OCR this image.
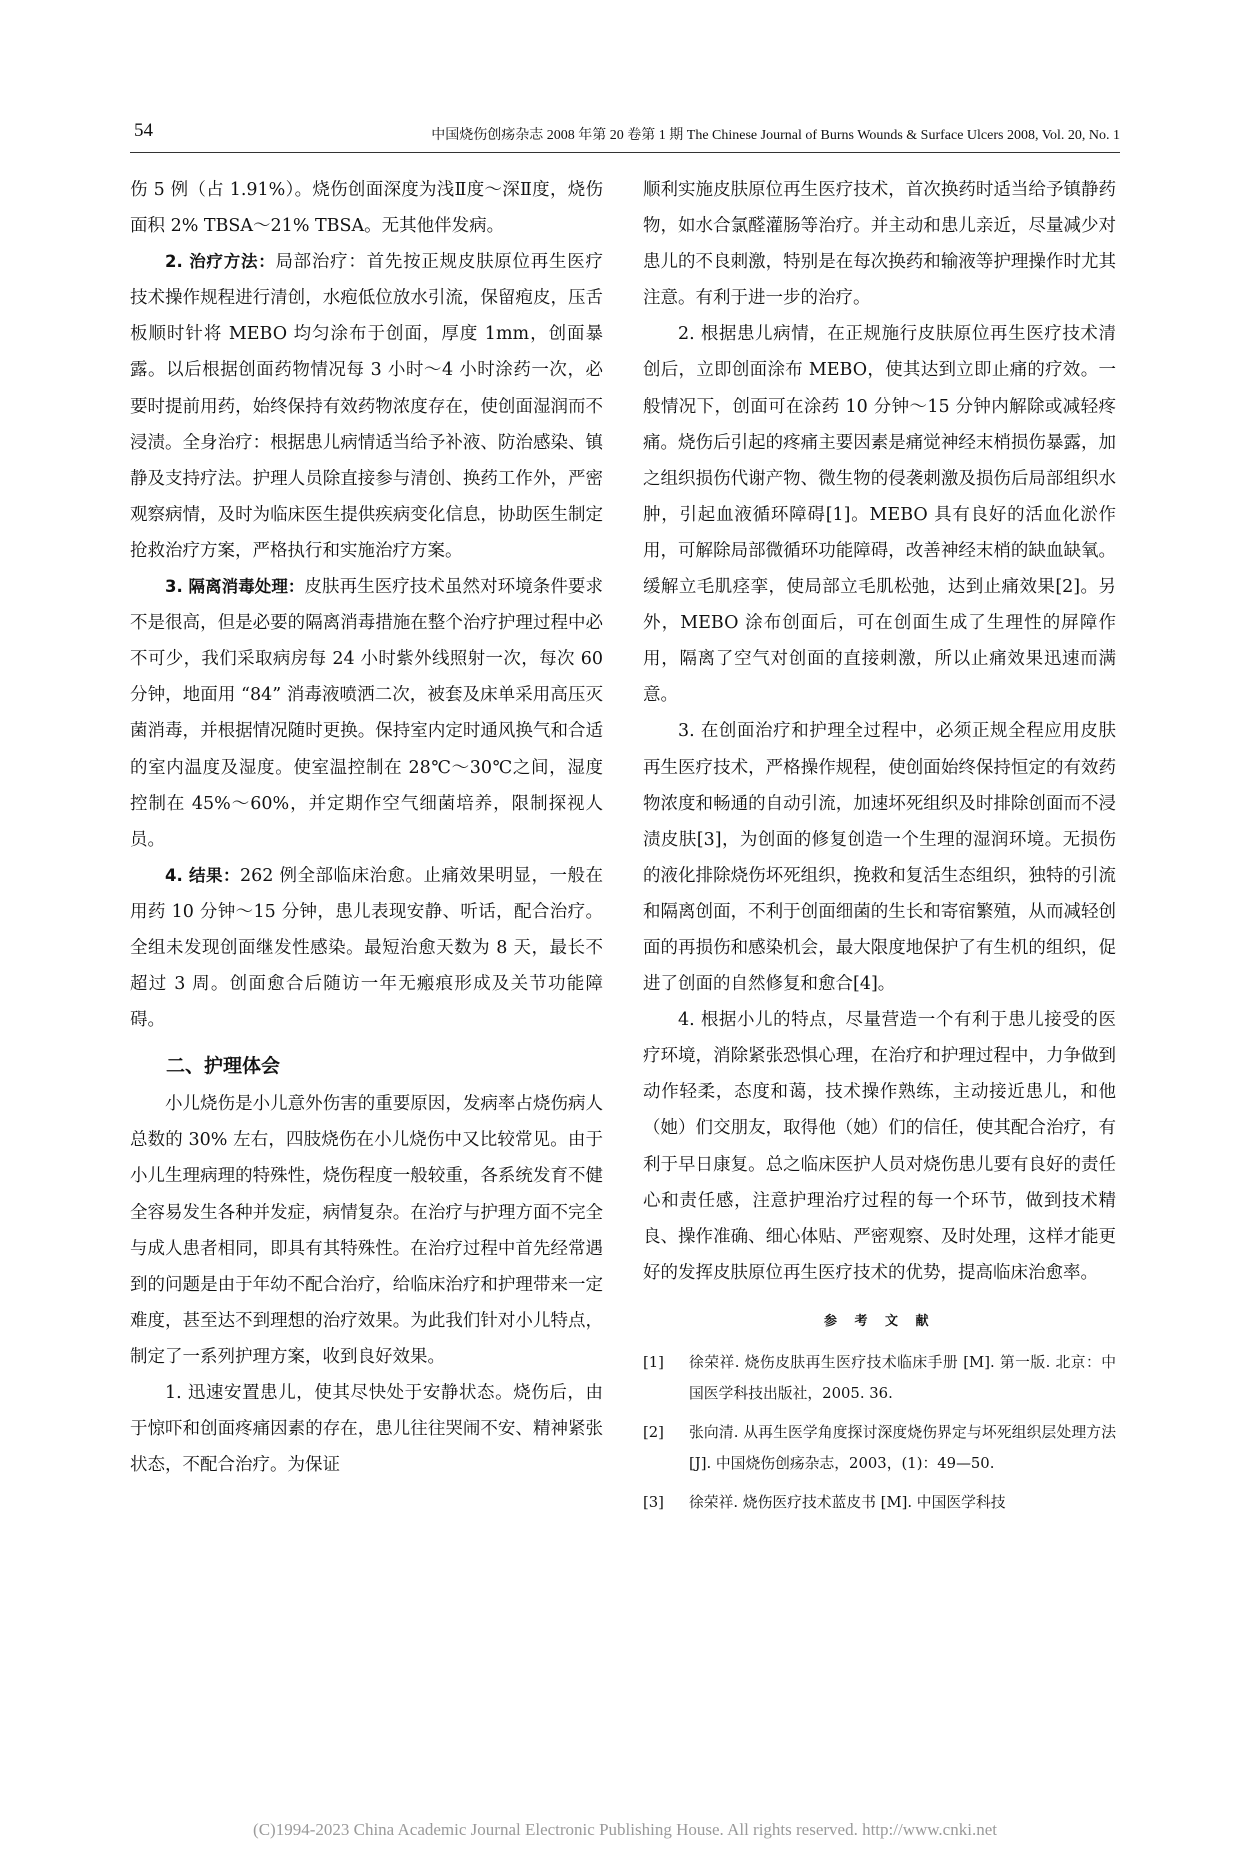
54	中国烧伤创疡杂志 2008 年第 20 卷第 1 期 The Chinese Journal of Burns Wounds & Surface Ulcers 2008, Vol. 20, No. 1

伤 5 例（占 1.91%）。烧伤创面深度为浅Ⅱ度～深Ⅱ度，烧伤面积 2% TBSA～21% TBSA。无其他伴发病。

2. 治疗方法：局部治疗：首先按正规皮肤原位再生医疗技术操作规程进行清创，水疱低位放水引流，保留疱皮，压舌板顺时针将 MEBO 均匀涂布于创面，厚度 1mm，创面暴露。以后根据创面药物情况每 3 小时～4 小时涂药一次，必要时提前用药，始终保持有效药物浓度存在，使创面湿润而不浸渍。全身治疗：根据患儿病情适当给予补液、防治感染、镇静及支持疗法。护理人员除直接参与清创、换药工作外，严密观察病情，及时为临床医生提供疾病变化信息，协助医生制定抢救治疗方案，严格执行和实施治疗方案。

3. 隔离消毒处理：皮肤再生医疗技术虽然对环境条件要求不是很高，但是必要的隔离消毒措施在整个治疗护理过程中必不可少，我们采取病房每 24 小时紫外线照射一次，每次 60 分钟，地面用 “84” 消毒液喷洒二次，被套及床单采用高压灭菌消毒，并根据情况随时更换。保持室内定时通风换气和合适的室内温度及湿度。使室温控制在 28℃～30℃之间，湿度控制在 45%～60%，并定期作空气细菌培养，限制探视人员。

4. 结果：262 例全部临床治愈。止痛效果明显，一般在用药 10 分钟～15 分钟，患儿表现安静、听话，配合治疗。全组未发现创面继发性感染。最短治愈天数为 8 天，最长不超过 3 周。创面愈合后随访一年无瘢痕形成及关节功能障碍。

二、护理体会

小儿烧伤是小儿意外伤害的重要原因，发病率占烧伤病人总数的 30% 左右，四肢烧伤在小儿烧伤中又比较常见。由于小儿生理病理的特殊性，烧伤程度一般较重，各系统发育不健全容易发生各种并发症，病情复杂。在治疗与护理方面不完全与成人患者相同，即具有其特殊性。在治疗过程中首先经常遇到的问题是由于年幼不配合治疗，给临床治疗和护理带来一定难度，甚至达不到理想的治疗效果。为此我们针对小儿特点，制定了一系列护理方案，收到良好效果。

1. 迅速安置患儿，使其尽快处于安静状态。烧伤后，由于惊吓和创面疼痛因素的存在，患儿往往哭闹不安、精神紧张状态，不配合治疗。为保证

顺利实施皮肤原位再生医疗技术，首次换药时适当给予镇静药物，如水合氯醛灌肠等治疗。并主动和患儿亲近，尽量减少对患儿的不良刺激，特别是在每次换药和输液等护理操作时尤其注意。有利于进一步的治疗。

2. 根据患儿病情，在正规施行皮肤原位再生医疗技术清创后，立即创面涂布 MEBO，使其达到立即止痛的疗效。一般情况下，创面可在涂药 10 分钟～15 分钟内解除或减轻疼痛。烧伤后引起的疼痛主要因素是痛觉神经末梢损伤暴露，加之组织损伤代谢产物、微生物的侵袭刺激及损伤后局部组织水肿，引起血液循环障碍[1]。MEBO 具有良好的活血化淤作用，可解除局部微循环功能障碍，改善神经末梢的缺血缺氧。缓解立毛肌痉挛，使局部立毛肌松弛，达到止痛效果[2]。另外，MEBO 涂布创面后，可在创面生成了生理性的屏障作用，隔离了空气对创面的直接刺激，所以止痛效果迅速而满意。

3. 在创面治疗和护理全过程中，必须正规全程应用皮肤再生医疗技术，严格操作规程，使创面始终保持恒定的有效药物浓度和畅通的自动引流，加速坏死组织及时排除创面而不浸渍皮肤[3]，为创面的修复创造一个生理的湿润环境。无损伤的液化排除烧伤坏死组织，挽救和复活生态组织，独特的引流和隔离创面，不利于创面细菌的生长和寄宿繁殖，从而减轻创面的再损伤和感染机会，最大限度地保护了有生机的组织，促进了创面的自然修复和愈合[4]。

4. 根据小儿的特点，尽量营造一个有利于患儿接受的医疗环境，消除紧张恐惧心理，在治疗和护理过程中，力争做到动作轻柔，态度和蔼，技术操作熟练，主动接近患儿，和他（她）们交朋友，取得他（她）们的信任，使其配合治疗，有利于早日康复。总之临床医护人员对烧伤患儿要有良好的责任心和责任感，注意护理治疗过程的每一个环节，做到技术精良、操作准确、细心体贴、严密观察、及时处理，这样才能更好的发挥皮肤原位再生医疗技术的优势，提高临床治愈率。

参 考 文 献
[1] 徐荣祥. 烧伤皮肤再生医疗技术临床手册 [M]. 第一版. 北京：中国医学科技出版社，2005. 36.
[2] 张向清. 从再生医学角度探讨深度烧伤界定与坏死组织层处理方法 [J]. 中国烧伤创疡杂志，2003，(1)：49—50.
[3] 徐荣祥. 烧伤医疗技术蓝皮书 [M]. 中国医学科技
(C)1994-2023 China Academic Journal Electronic Publishing House. All rights reserved. http://www.cnki.net
